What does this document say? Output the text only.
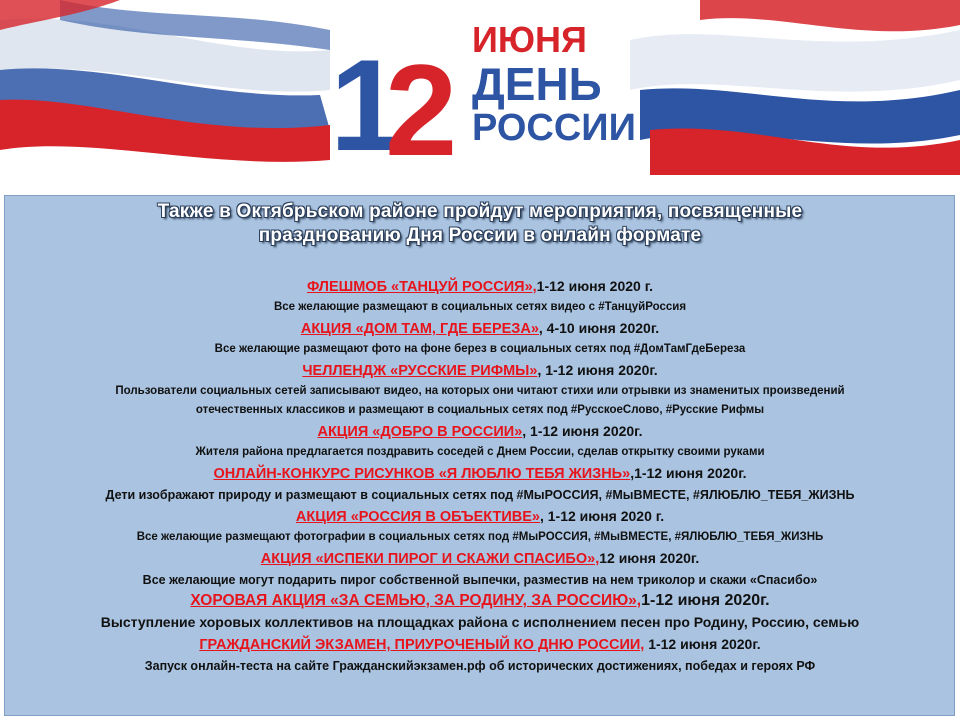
1
2 ИЮНЯ
ДЕНЬ
РОССИИ
Также в Октябрьском районе пройдут мероприятия, посвященные
празднованию Дня России в онлайн формате
ФЛЕШМОБ «ТАНЦУЙ РОССИЯ»,1-12 июня 2020 г.
Все желающие размещают в социальных сетях видео с #ТанцуйРоссия
АКЦИЯ «ДОМ ТАМ, ГДЕ БЕРЕЗА», 4-10 июня 2020г.
Все желающие размещают фото на фоне берез в социальных сетях под #ДомТамГдеБереза
ЧЕЛЛЕНДЖ «РУССКИЕ РИФМЫ», 1-12 июня 2020г.
Пользователи социальных сетей записывают видео, на которых они читают стихи или отрывки из знаменитых произведений
отечественных классиков и размещают в социальных сетях под #РусскоеСлово, #Русские Рифмы
АКЦИЯ «ДОБРО В РОССИИ», 1-12 июня 2020г.
Жителя района предлагается поздравить соседей с Днем России, сделав открытку своими руками
ОНЛАЙН-КОНКУРС РИСУНКОВ «Я ЛЮБЛЮ ТЕБЯ ЖИЗНЬ»,1-12 июня 2020г.
Дети изображают природу и размещают в социальных сетях под #МыРОССИЯ, #МыВМЕСТЕ, #ЯЛЮБЛЮ_ТЕБЯ_ЖИЗНЬ
АКЦИЯ «РОССИЯ В ОБЪЕКТИВЕ», 1-12 июня 2020 г.
Все желающие размещают фотографии в социальных сетях под #МыРОССИЯ, #МыВМЕСТЕ, #ЯЛЮБЛЮ_ТЕБЯ_ЖИЗНЬ
АКЦИЯ «ИСПЕКИ ПИРОГ И СКАЖИ СПАСИБО»,12 июня 2020г.
Все желающие могут подарить пирог собственной выпечки, разместив на нем триколор и скажи «Спасибо»
ХОРОВАЯ АКЦИЯ «ЗА СЕМЬЮ, ЗА РОДИНУ, ЗА РОССИЮ»,1-12 июня 2020г.
Выступление хоровых коллективов на площадках района с исполнением песен про Родину, Россию, семью
ГРАЖДАНСКИЙ ЭКЗАМЕН, ПРИУРОЧЕНЫЙ КО ДНЮ РОССИИ, 1-12 июня 2020г.
Запуск онлайн-теста на сайте Гражданскийэкзамен.рф об исторических достижениях, победах и героях РФ
